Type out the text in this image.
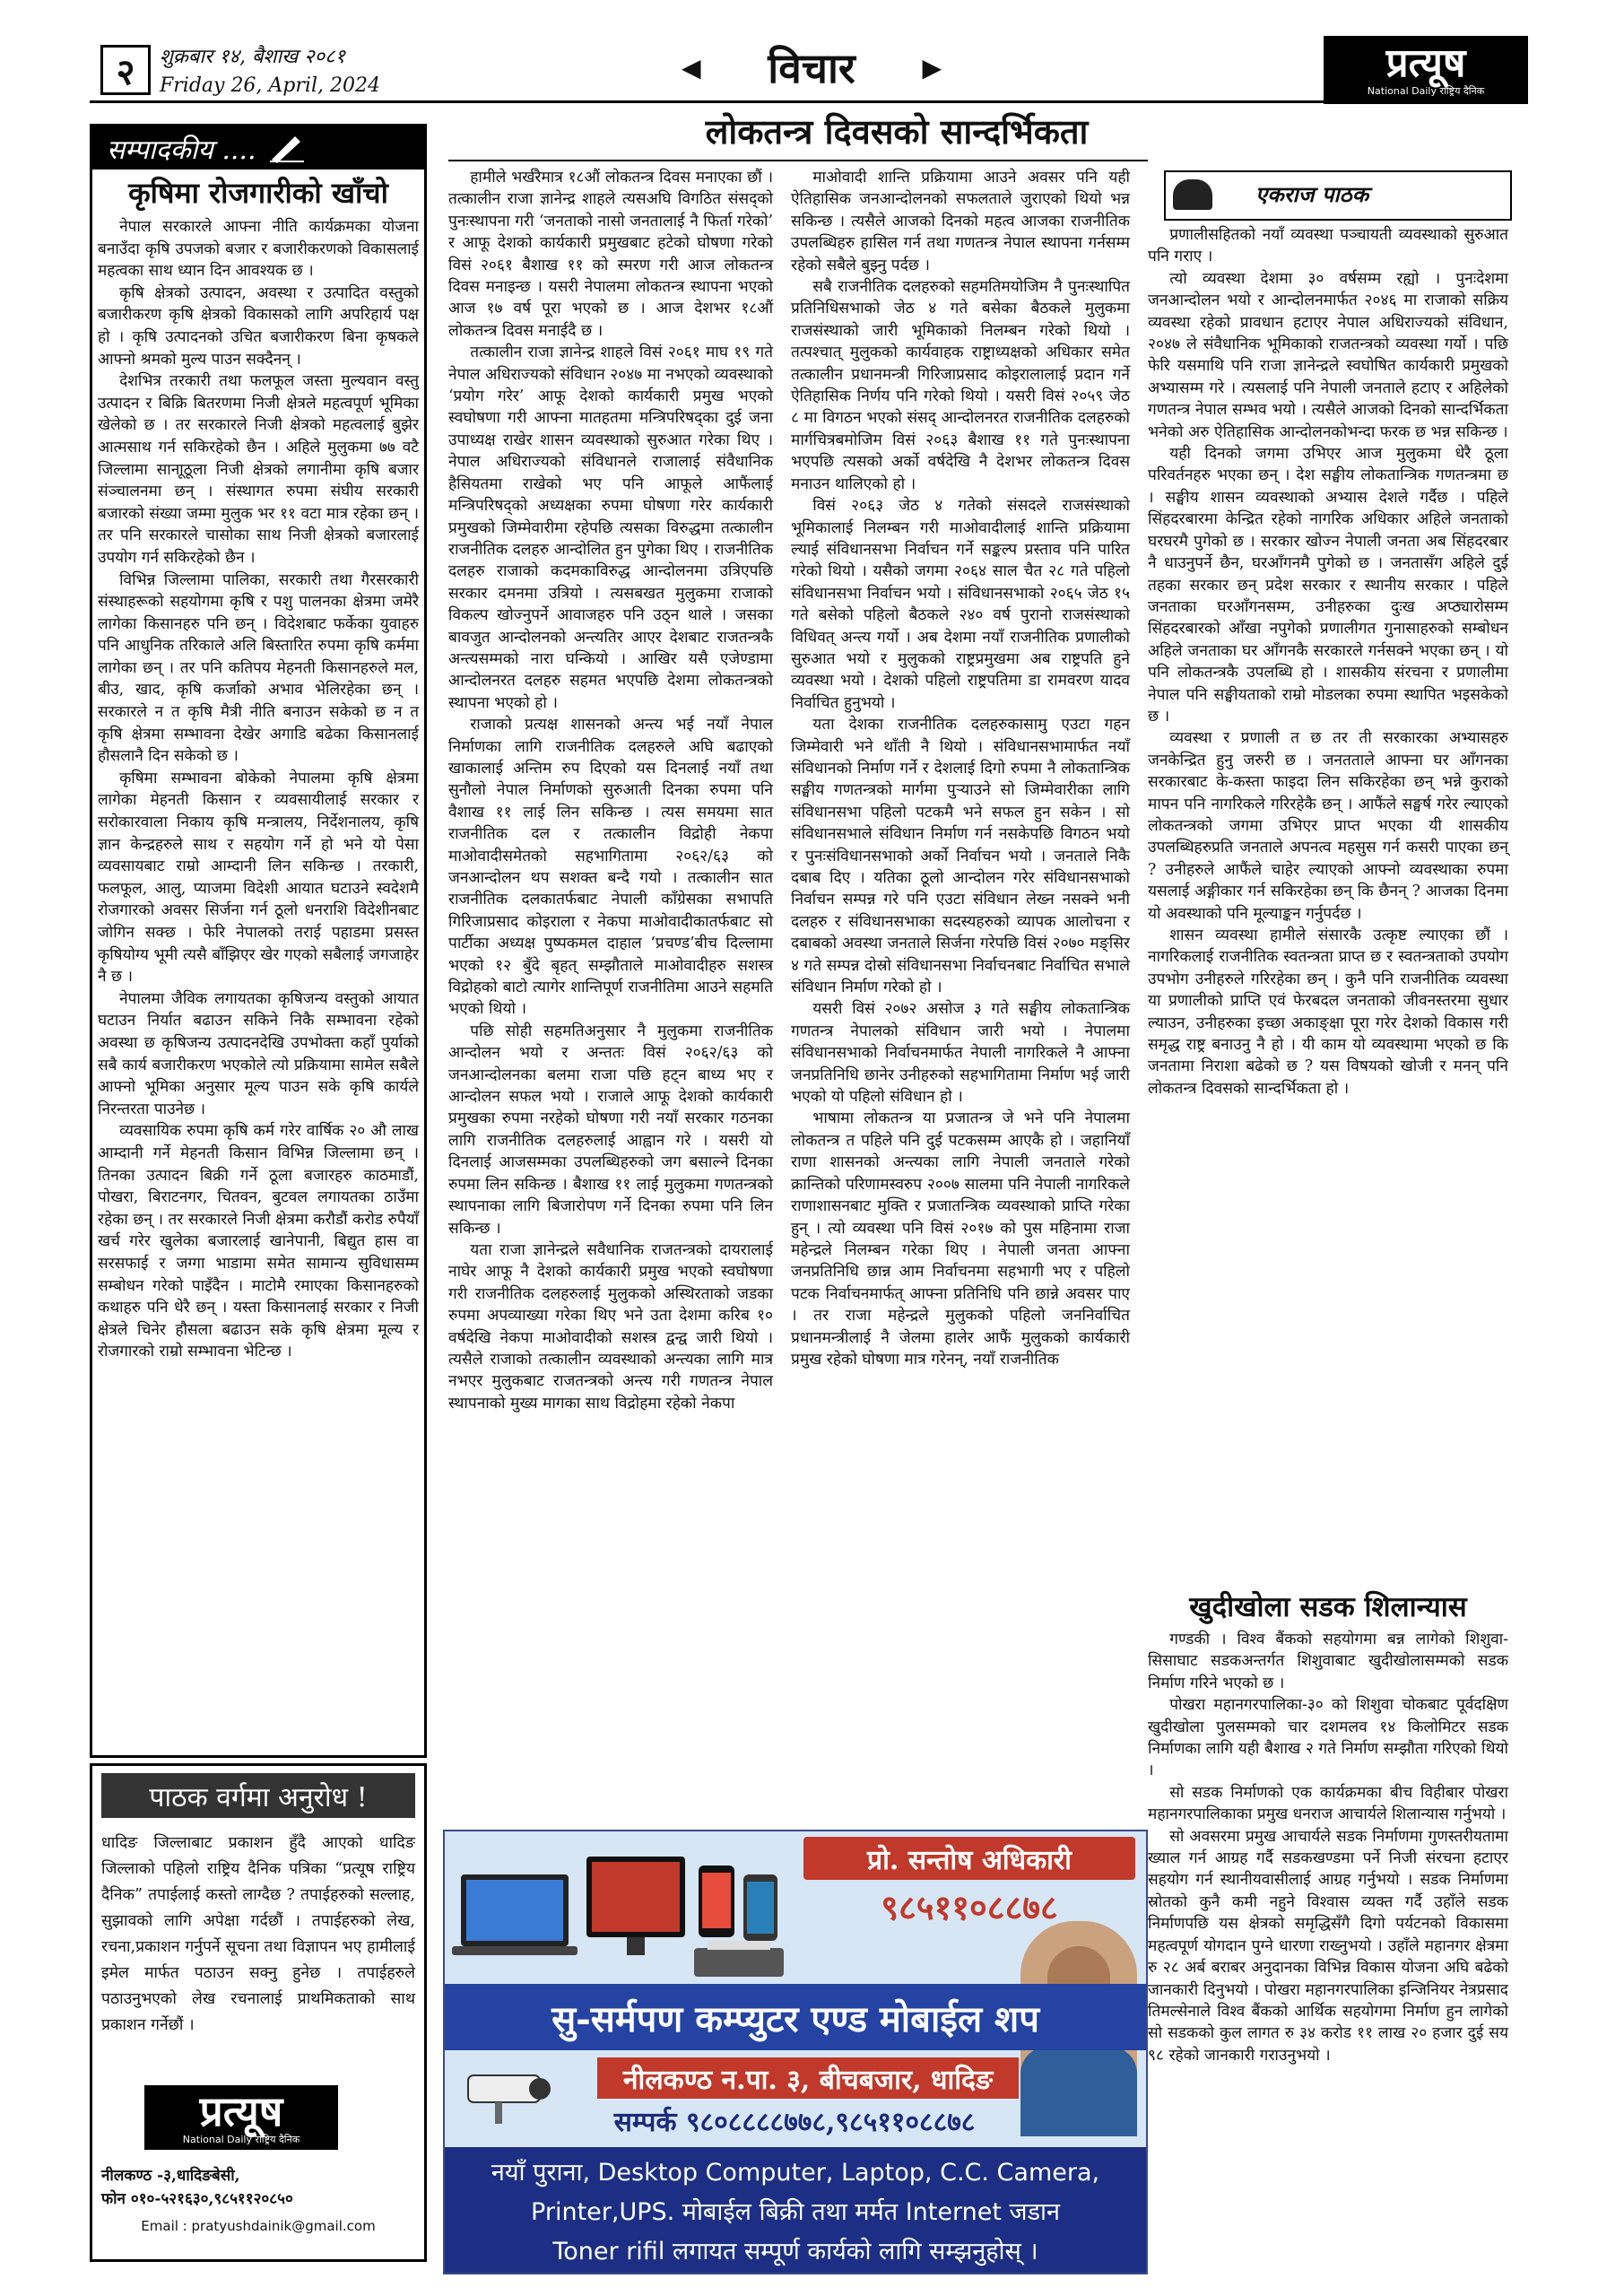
२	शुक्रबार १४, बैशाख २०८१
Friday 26, April, 2024
◀ विचार	▶	प्रत्यूष
National Daily राष्ट्रिय दैनिक
सम्पादकीय ....
कृषिमा रोजगारीको खाँचो

नेपाल सरकारले आफ्ना नीति कार्यक्रमका योजना बनाउँदा कृषि उपजको बजार र बजारीकरणको विकासलाई महत्वका साथ ध्यान दिन आवश्यक छ ।

कृषि क्षेत्रको उत्पादन, अवस्था र उत्पादित वस्तुको बजारीकरण कृषि क्षेत्रको विकासको लागि अपरिहार्य पक्ष हो । कृषि उत्पादनको उचित बजारीकरण बिना कृषकले आफ्नो श्रमको मुल्य पाउन सक्दैनन् ।

देशभित्र तरकारी तथा फलफूल जस्ता मुल्यवान वस्तु उत्पादन र बिक्रि बितरणमा निजी क्षेत्रले महत्वपूर्ण भूमिका खेलेको छ । तर सरकारले निजी क्षेत्रको महत्वलाई बुझेर आत्मसाथ गर्न सकिरहेको छैन । अहिले मुलुकमा ७७ वटै जिल्लामा सानाूठूला निजी क्षेत्रको लगानीमा कृषि बजार संञ्चालनमा छन् । संस्थागत रुपमा संघीय सरकारी बजारको संख्या जम्मा मुलुक भर ११ वटा मात्र रहेका छन् । तर पनि सरकारले चासोका साथ निजी क्षेत्रको बजारलाई उपयोग गर्न सकिरहेको छैन ।

विभिन्न जिल्लामा पालिका, सरकारी तथा गैरसरकारी संस्थाहरूको सहयोगमा कृषि र पशु पालनका क्षेत्रमा जमेरै लागेका किसानहरु पनि छन् । विदेशबाट फर्केका युवाहरु पनि आधुनिक तरिकाले अलि बिस्तारित रुपमा कृषि कर्ममा लागेका छन् । तर पनि कतिपय मेहनती किसानहरुले मल, बीउ, खाद, कृषि कर्जाको अभाव भेलिरहेका छन् । सरकारले न त कृषि मैत्री नीति बनाउन सकेको छ न त कृषि क्षेत्रमा सम्भावना देखेर अगाडि बढेका किसानलाई हौसलानै दिन सकेको छ ।

कृषिमा सम्भावना बोकेको नेपालमा कृषि क्षेत्रमा लागेका मेहनती किसान र व्यवसायीलाई सरकार र सरोकारवाला निकाय कृषि मन्त्रालय, निर्देशनालय, कृषि ज्ञान केन्द्रहरुले साथ र सहयोग गर्ने हो भने यो पेसा व्यवसायबाट राम्रो आम्दानी लिन सकिन्छ । तरकारी, फलफूल, आलु, प्याजमा विदेशी आयात घटाउने स्वदेशमै रोजगारको अवसर सिर्जना गर्न ठूलो धनराशि विदेशीनबाट जोगिन सक्छ । फेरि नेपालको तराई पहाडमा प्रसस्त कृषियोग्य भूमी त्यसै बाँझिएर खेर गएको सबैलाई जगजाहेर नै छ ।

नेपालमा जैविक लगायतका कृषिजन्य वस्तुको आयात घटाउन निर्यात बढाउन सकिने निकै सम्भावना रहेको अवस्था छ कृषिजन्य उत्पादनदेखि उपभोक्ता कहाँ पुर्याको सबै कार्य बजारीकरण भएकोले त्यो प्रक्रियामा सामेल सबैले आफ्नो भूमिका अनुसार मूल्य पाउन सके कृषि कार्यले निरन्तरता पाउनेछ ।

व्यवसायिक रुपमा कृषि कर्म गरेर वार्षिक २० औ लाख आम्दानी गर्ने मेहनती किसान विभिन्न जिल्लामा छन् । तिनका उत्पादन बिक्री गर्ने ठूला बजारहरु काठमाडौं, पोखरा, बिराटनगर, चितवन, बुटवल लगायतका ठाउँमा रहेका छन् । तर सरकारले निजी क्षेत्रमा करौडौं करोड रुपैयाँ खर्च गरेर खुलेका बजारलाई खानेपानी, बिद्युत हास वा सरसफाई र जग्गा भाडामा समेत सामान्य सुविधासम्म सम्बोधन गरेको पाइँदैन । माटोमै रमाएका किसानहरुको कथाहरु पनि धेरै छन् । यस्ता किसानलाई सरकार र निजी क्षेत्रले चिनेर हौसला बढाउन सके कृषि क्षेत्रमा मूल्य र रोजगारको राम्रो सम्भावना भेटिन्छ ।

पाठक वर्गमा अनुरोध !
धादिङ जिल्लाबाट प्रकाशन हुँदै आएको धादिङ जिल्लाको पहिलो राष्ट्रिय दैनिक पत्रिका “प्रत्यूष राष्ट्रिय दैनिक” तपाईलाई कस्तो लाग्दैछ ? तपाईहरुको सल्लाह, सुझावको लागि अपेक्षा गर्दछौं । तपाईहरुको लेख, रचना,प्रकाशन गर्नुपर्ने सूचना तथा विज्ञापन भए हामीलाई इमेल मार्फत पठाउन सक्नु हुनेछ । तपाईहरुले पठाउनुभएको लेख रचनालाई प्राथमिकताको साथ प्रकाशन गर्नेछौं ।
प्रत्यूष
National Daily राष्ट्रिय दैनिक
नीलकण्ठ -३,धादिङबेसी,
फोन ०१०-५२१६३०,९८५११२०८५०
Email : pratyushdainik@gmail.com
लोकतन्त्र दिवसको सान्दर्भिकता

हामीले भर्खरैमात्र १८औं लोकतन्त्र दिवस मनाएका छौं । तत्कालीन राजा ज्ञानेन्द्र शाहले त्यसअघि विगठित संसद्को पुनःस्थापना गरी ‘जनताको नासो जनतालाई नै फिर्ता गरेको’ र आफू देशको कार्यकारी प्रमुखबाट हटेको घोषणा गरेको विसं २०६१ बैशाख ११ को स्मरण गरी आज लोकतन्त्र दिवस मनाइन्छ । यसरी नेपालमा लोकतन्त्र स्थापना भएको आज १७ वर्ष पूरा भएको छ । आज देशभर १८औं लोकतन्त्र दिवस मनाईदै छ ।

तत्कालीन राजा ज्ञानेन्द्र शाहले विसं २०६१ माघ १९ गते नेपाल अधिराज्यको संविधान २०४७ मा नभएको व्यवस्थाको ‘प्रयोग गरेर’ आफू देशको कार्यकारी प्रमुख भएको स्वघोषणा गरी आफ्ना मातहतमा मन्त्रिपरिषद्का दुई जना उपाध्यक्ष राखेर शासन व्यवस्थाको सुरुआत गरेका थिए । नेपाल अधिराज्यको संविधानले राजालाई संवैधानिक हैसियतमा राखेको भए पनि आफूले आफैंलाई मन्त्रिपरिषद्को अध्यक्षका रुपमा घोषणा गरेर कार्यकारी प्रमुखको जिम्मेवारीमा रहेपछि त्यसका विरुद्धमा तत्कालीन राजनीतिक दलहरु आन्दोलित हुन पुगेका थिए । राजनीतिक दलहरु राजाको कदमकाविरुद्ध आन्दोलनमा उत्रिएपछि सरकार दमनमा उत्रियो । त्यसबखत मुलुकमा राजाको विकल्प खोज्नुपर्ने आवाजहरु पनि उठ्न थाले । जसका बावजुत आन्दोलनको अन्त्यतिर आएर देशबाट राजतन्त्रकै अन्त्यसम्मको नारा घन्कियो । आखिर यसै एजेण्डामा आन्दोलनरत दलहरु सहमत भएपछि देशमा लोकतन्त्रको स्थापना भएको हो ।

राजाको प्रत्यक्ष शासनको अन्त्य भई नयाँ नेपाल निर्माणका लागि राजनीतिक दलहरुले अघि बढाएको खाकालाई अन्तिम रुप दिएको यस दिनलाई नयाँ तथा सुनौलो नेपाल निर्माणको सुरुआती दिनका रुपमा पनि वैशाख ११ लाई लिन सकिन्छ । त्यस समयमा सात राजनीतिक दल र तत्कालीन विद्रोही नेकपा माओवादीसमेतको सहभागितामा २०६२/६३ को जनआन्दोलन थप सशक्त बन्दै गयो । तत्कालीन सात राजनीतिक दलकातर्फबाट नेपाली काँग्रेसका सभापति गिरिजाप्रसाद कोइराला र नेकपा माओवादीकातर्फबाट सो पार्टीका अध्यक्ष पुष्पकमल दाहाल ‘प्रचण्ड’बीच दिल्लामा भएको १२ बुँदे बृहत् सम्झौताले माओवादीहरु सशस्त्र विद्रोहको बाटो त्यागेर शान्तिपूर्ण राजनीतिमा आउने सहमति भएको थियो ।

पछि सोही सहमतिअनुसार नै मुलुकमा राजनीतिक आन्दोलन भयो र अन्ततः विसं २०६२/६३ को जनआन्दोलनका बलमा राजा पछि हट्न बाध्य भए र आन्दोलन सफल भयो । राजाले आफू देशको कार्यकारी प्रमुखका रुपमा नरहेको घोषणा गरी नयाँ सरकार गठनका लागि राजनीतिक दलहरुलाई आह्वान गरे । यसरी यो दिनलाई आजसम्मका उपलब्धिहरुको जग बसाल्ने दिनका रुपमा लिन सकिन्छ । बैशाख ११ लाई मुलुकमा गणतन्त्रको स्थापनाका लागि बिजारोपण गर्ने दिनका रुपमा पनि लिन सकिन्छ ।

यता राजा ज्ञानेन्द्रले सवैधानिक राजतन्त्रको दायरालाई नाघेर आफू नै देशको कार्यकारी प्रमुख भएको स्वघोषणा गरी राजनीतिक दलहरुलाई मुलुकको अस्थिरताको जडका रुपमा अपव्याख्या गरेका थिए भने उता देशमा करिब १० वर्षदेखि नेकपा माओवादीको सशस्त्र द्वन्द्व जारी थियो । त्यसैले राजाको तत्कालीन व्यवस्थाको अन्त्यका लागि मात्र नभएर मुलुकबाट राजतन्त्रको अन्त्य गरी गणतन्त्र नेपाल स्थापनाको मुख्य मागका साथ विद्रोहमा रहेको नेकपा

माओवादी शान्ति प्रक्रियामा आउने अवसर पनि यही ऐतिहासिक जनआन्दोलनको सफलताले जुराएको थियो भन्न सकिन्छ । त्यसैले आजको दिनको महत्व आजका राजनीतिक उपलब्धिहरु हासिल गर्न तथा गणतन्त्र नेपाल स्थापना गर्नसम्म रहेको सबैले बुझ्नु पर्दछ ।

सबै राजनीतिक दलहरुको सहमतिमयोजिम नै पुनःस्थापित प्रतिनिधिसभाको जेठ ४ गते बसेका बैठकले मुलुकमा राजसंस्थाको जारी भूमिकाको निलम्बन गरेको थियो । तत्पश्चात् मुलुकको कार्यवाहक राष्ट्राध्यक्षको अधिकार समेत तत्कालीन प्रधानमन्त्री गिरिजाप्रसाद कोइरालालाई प्रदान गर्ने ऐतिहासिक निर्णय पनि गरेको थियो । यसरी विसं २०५९ जेठ ८ मा विगठन भएको संसद् आन्दोलनरत राजनीतिक दलहरुको मार्गचित्रबमोजिम विसं २०६३ बैशाख ११ गते पुनःस्थापना भएपछि त्यसको अर्को वर्षदेखि नै देशभर लोकतन्त्र दिवस मनाउन थालिएको हो ।

विसं २०६३ जेठ ४ गतेको संसदले राजसंस्थाको भूमिकालाई निलम्बन गरी माओवादीलाई शान्ति प्रक्रियामा ल्याई संविधानसभा निर्वाचन गर्ने सङ्कल्प प्रस्ताव पनि पारित गरेको थियो । यसैको जगमा २०६४ साल चैत २८ गते पहिलो संविधानसभा निर्वाचन भयो । संविधानसभाको २०६५ जेठ १५ गते बसेको पहिलो बैठकले २४० वर्ष पुरानो राजसंस्थाको विधिवत् अन्त्य गर्यो । अब देशमा नयाँ राजनीतिक प्रणालीको सुरुआत भयो र मुलुकको राष्ट्रप्रमुखमा अब राष्ट्रपति हुने व्यवस्था भयो । देशको पहिलो राष्ट्रपतिमा डा रामवरण यादव निर्वाचित हुनुभयो ।

यता देशका राजनीतिक दलहरुकासामु एउटा गहन जिम्मेवारी भने थाँती नै थियो । संविधानसभामार्फत नयाँ संविधानको निर्माण गर्ने र देशलाई दिगो रुपमा नै लोकतान्त्रिक सङ्घीय गणतन्त्रको मार्गमा पुऱ्याउने सो जिम्मेवारीका लागि संविधानसभा पहिलो पटकमै भने सफल हुन सकेन । सो संविधानसभाले संविधान निर्माण गर्न नसकेपछि विगठन भयो र पुनःसंविधानसभाको अर्को निर्वाचन भयो । जनताले निकै दबाब दिए । यतिका ठूलो आन्दोलन गरेर संविधानसभाको निर्वाचन सम्पन्न गरे पनि एउटा संविधान लेख्न नसक्ने भनी दलहरु र संविधानसभाका सदस्यहरुको व्यापक आलोचना र दबाबको अवस्था जनताले सिर्जना गरेपछि विसं २०७० मङ्सिर ४ गते सम्पन्न दोस्रो संविधानसभा निर्वाचनबाट निर्वाचित सभाले संविधान निर्माण गरेको हो ।

यसरी विसं २०७२ असोज ३ गते सङ्घीय लोकतान्त्रिक गणतन्त्र नेपालको संविधान जारी भयो । नेपालमा संविधानसभाको निर्वाचनमार्फत नेपाली नागरिकले नै आफ्ना जनप्रतिनिधि छानेर उनीहरुको सहभागितामा निर्माण भई जारी भएको यो पहिलो संविधान हो ।

भाषामा लोकतन्त्र या प्रजातन्त्र जे भने पनि नेपालमा लोकतन्त्र त पहिले पनि दुई पटकसम्म आएकै हो । जहानियाँ राणा शासनको अन्त्यका लागि नेपाली जनताले गरेको क्रान्तिको परिणामस्वरुप २००७ सालमा पनि नेपाली नागरिकले राणाशासनबाट मुक्ति र प्रजातन्त्रिक व्यवस्थाको प्राप्ति गरेका हुन् । त्यो व्यवस्था पनि विसं २०१७ को पुस महिनामा राजा महेन्द्रले निलम्बन गरेका थिए । नेपाली जनता आफ्ना जनप्रतिनिधि छान्न आम निर्वाचनमा सहभागी भए र पहिलो पटक निर्वाचनमार्फत् आफ्ना प्रतिनिधि पनि छान्ने अवसर पाए । तर राजा महेन्द्रले मुलुकको पहिलो जननिर्वाचित प्रधानमन्त्रीलाई नै जेलमा हालेर आफैं मुलुकको कार्यकारी प्रमुख रहेको घोषणा मात्र गरेनन्, नयाँ राजनीतिक

एकराज पाठक

प्रणालीसहितको नयाँ व्यवस्था पञ्चायती व्यवस्थाको सुरुआत पनि गराए ।

त्यो व्यवस्था देशमा ३० वर्षसम्म रह्यो । पुनःदेशमा जनआन्दोलन भयो र आन्दोलनमार्फत २०४६ मा राजाको सक्रिय व्यवस्था रहेको प्रावधान हटाएर नेपाल अधिराज्यको संविधान, २०४७ ले संवैधानिक भूमिकाको राजतन्त्रको व्यवस्था गर्यो । पछि फेरि यसमाथि पनि राजा ज्ञानेन्द्रले स्वघोषित कार्यकारी प्रमुखको अभ्यासम्म गरे । त्यसलाई पनि नेपाली जनताले हटाए र अहिलेको गणतन्त्र नेपाल सम्भव भयो । त्यसैले आजको दिनको सान्दर्भिकता भनेको अरु ऐतिहासिक आन्दोलनकोभन्दा फरक छ भन्न सकिन्छ ।

यही दिनको जगमा उभिएर आज मुलुकमा धेरै ठूला परिवर्तनहरु भएका छन् । देश सङ्घीय लोकतान्त्रिक गणतन्त्रमा छ । सङ्घीय शासन व्यवस्थाको अभ्यास देशले गर्दैछ । पहिले सिंहदरबारमा केन्द्रित रहेको नागरिक अधिकार अहिले जनताको घरघरमै पुगेको छ । सरकार खोज्न नेपाली जनता अब सिंहदरबार नै धाउनुपर्ने छैन, घरआँगनमै पुगेको छ । जनतासँग अहिले दुई तहका सरकार छन् प्रदेश सरकार र स्थानीय सरकार । पहिले जनताका घरआँगनसम्म, उनीहरुका दुःख अप्ठ्यारोसम्म सिंहदरबारको आँखा नपुगेको प्रणालीगत गुनासाहरुको सम्बोधन अहिले जनताका घर आँगनकै सरकारले गर्नसक्ने भएका छन् । यो पनि लोकतन्त्रकै उपलब्धि हो । शासकीय संरचना र प्रणालीमा नेपाल पनि सङ्घीयताको राम्रो मोडलका रुपमा स्थापित भइसकेको छ ।

व्यवस्था र प्रणाली त छ तर ती सरकारका अभ्यासहरु जनकेन्द्रित हुनु जरुरी छ । जनतताले आफ्ना घर आँगनका सरकारबाट के-कस्ता फाइदा लिन सकिरहेका छन् भन्ने कुराको मापन पनि नागरिकले गरिरहेकै छन् । आफैंले सङ्घर्ष गरेर ल्याएको लोकतन्त्रको जगमा उभिएर प्राप्त भएका यी शासकीय उपलब्धिहरुप्रति जनताले अपनत्व महसुस गर्न कसरी पाएका छन् ? उनीहरुले आफैंले चाहेर ल्याएको आफ्नो व्यवस्थाका रुपमा यसलाई अङ्गीकार गर्न सकिरहेका छन् कि छैनन् ? आजका दिनमा यो अवस्थाको पनि मूल्याङ्कन गर्नुपर्दछ ।

शासन व्यवस्था हामीले संसारकै उत्कृष्ट ल्याएका छौं । नागरिकलाई राजनीतिक स्वतन्त्रता प्राप्त छ र स्वतन्त्रताको उपयोग उपभोग उनीहरुले गरिरहेका छन् । कुनै पनि राजनीतिक व्यवस्था या प्रणालीको प्राप्ति एवं फेरबदल जनताको जीवनस्तरमा सुधार ल्याउन, उनीहरुका इच्छा अकाङ्क्षा पूरा गरेर देशको विकास गरी समृद्ध राष्ट्र बनाउनु नै हो । यी काम यो व्यवस्थामा भएको छ कि जनतामा निराशा बढेको छ ? यस विषयको खोजी र मनन् पनि लोकतन्त्र दिवसको सान्दर्भिकता हो ।

खुदीखोला सडक शिलान्यास

गण्डकी । विश्व बैंकको सहयोगमा बन्न लागेको शिशुवा-सिसाघाट सडकअन्तर्गत शिशुवाबाट खुदीखोलासम्मको सडक निर्माण गरिने भएको छ ।

पोखरा महानगरपालिका-३० को शिशुवा चोकबाट पूर्वदक्षिण खुदीखोला पुलसम्मको चार दशमलव १४ किलोमिटर सडक निर्माणका लागि यही बैशाख २ गते निर्माण सम्झौता गरिएको थियो ।

सो सडक निर्माणको एक कार्यक्रमका बीच विहीबार पोखरा महानगरपालिकाका प्रमुख धनराज आचार्यले शिलान्यास गर्नुभयो ।

सो अवसरमा प्रमुख आचार्यले सडक निर्माणमा गुणस्तरीयतामा ख्याल गर्न आग्रह गर्दै सडकखण्डमा पर्ने निजी संरचना हटाएर सहयोग गर्न स्थानीयवासीलाई आग्रह गर्नुभयो । सडक निर्माणमा स्रोतको कुनै कमी नहुने विश्वास व्यक्त गर्दै उहाँले सडक निर्माणपछि यस क्षेत्रको समृद्धिसँगै दिगो पर्यटनको विकासमा महत्वपूर्ण योगदान पुग्ने धारणा राख्नुभयो । उहाँले महानगर क्षेत्रमा रु २८ अर्ब बराबर अनुदानका विभिन्न विकास योजना अघि बढेको जानकारी दिनुभयो । पोखरा महानगरपालिका इन्जिनियर नेत्रप्रसाद तिमल्सेनाले विश्व बैंकको आर्थिक सहयोगमा निर्माण हुन लागेको सो सडकको कुल लागत रु ३४ करोड ११ लाख २० हजार दुई सय ९८ रहेको जानकारी गराउनुभयो ।

प्रो. सन्तोष अधिकारी
९८५११०८८७८
सु-सर्मपण कम्प्युटर एण्ड मोबाईल शप
नीलकण्ठ न.पा. ३, बीचबजार, धादिङ
सम्पर्क ९८०८८८८७७८,९८५११०८८७८
नयाँ पुराना, Desktop Computer, Laptop, C.C. Camera,
Printer,UPS. मोबाईल बिक्री तथा मर्मत Internet जडान
Toner rifil लगायत सम्पूर्ण कार्यको लागि सम्झनुहोस् ।
